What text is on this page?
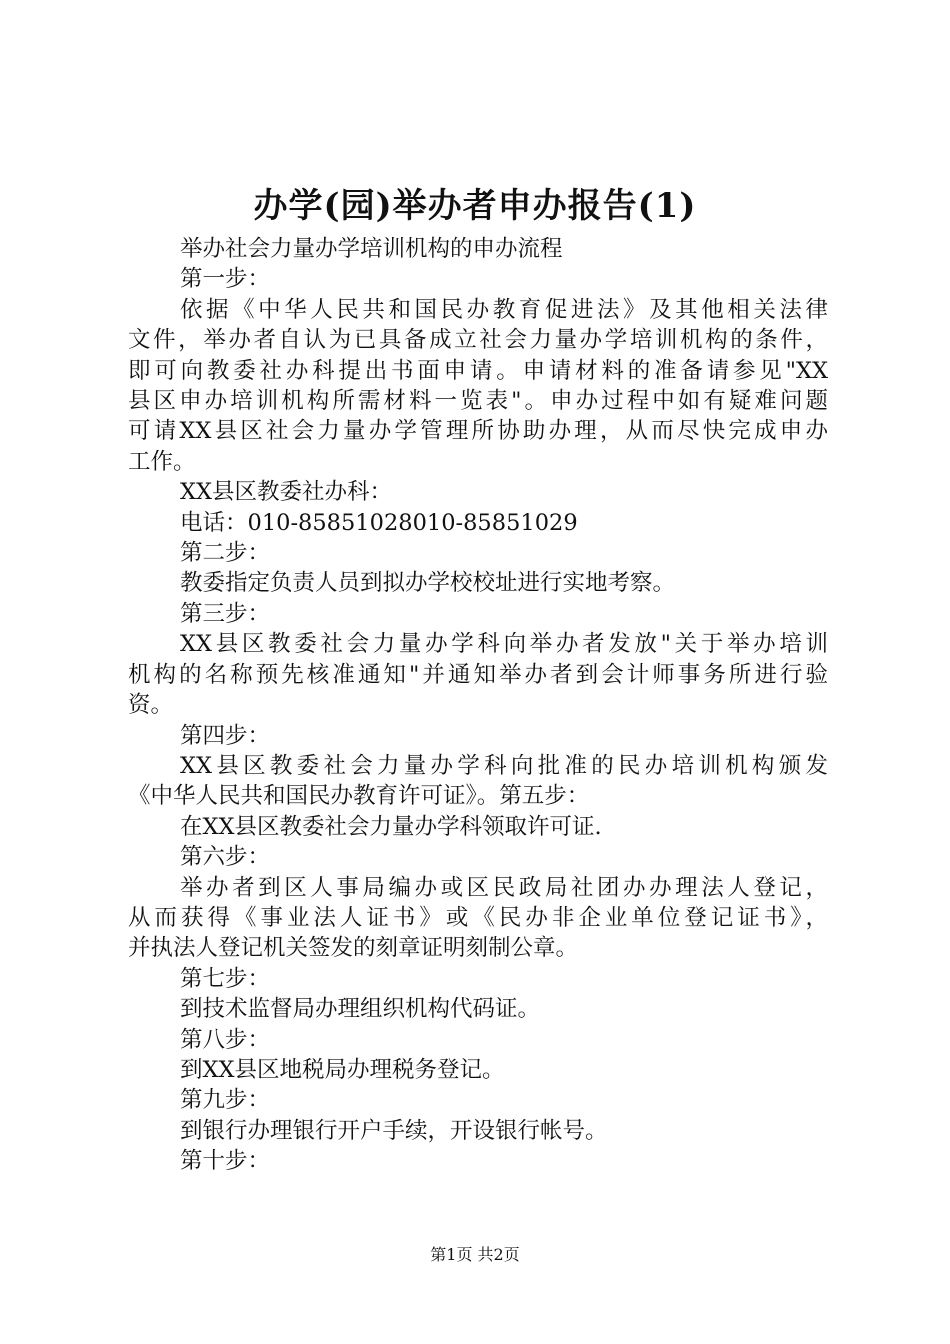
办学(园)举办者申办报告(1)

举办社会力量办学培训机构的申办流程

第一步：

依据《中华人民共和国民办教育促进法》及其他相关法律

文件，举办者自认为已具备成立社会力量办学培训机构的条件，

即可向教委社办科提出书面申请。申请材料的准备请参见"XX

县区申办培训机构所需材料一览表"。申办过程中如有疑难问题

可请XX县区社会力量办学管理所协助办理，从而尽快完成申办

工作。

XX县区教委社办科：

电话：010-85851028010-85851029

第二步：

教委指定负责人员到拟办学校校址进行实地考察。

第三步：

XX县区教委社会力量办学科向举办者发放"关于举办培训

机构的名称预先核准通知"并通知举办者到会计师事务所进行验

资。

第四步：

XX县区教委社会力量办学科向批准的民办培训机构颁发

《中华人民共和国民办教育许可证》。第五步：

在XX县区教委社会力量办学科领取许可证.

第六步：

举办者到区人事局编办或区民政局社团办办理法人登记，

从而获得《事业法人证书》或《民办非企业单位登记证书》，

并执法人登记机关签发的刻章证明刻制公章。

第七步：

到技术监督局办理组织机构代码证。

第八步：

到XX县区地税局办理税务登记。

第九步：

到银行办理银行开户手续，开设银行帐号。

第十步：

第1页 共2页
